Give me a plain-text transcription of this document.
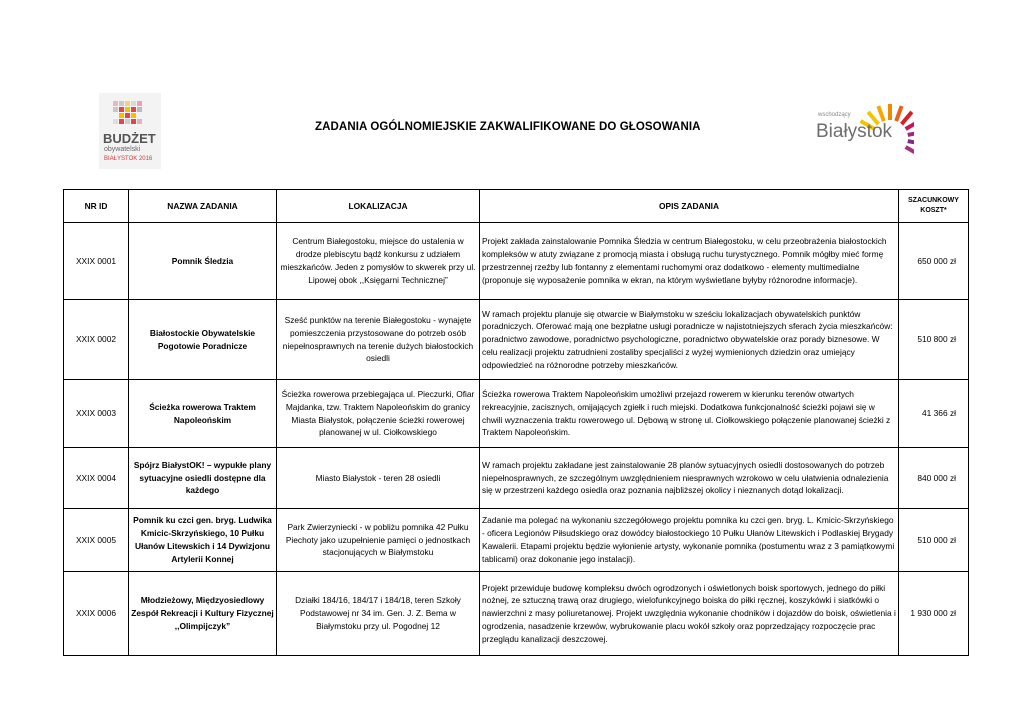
BUDŻET
obywatelski
BIAŁYSTOK 2016
ZADANIA OGÓLNOMIEJSKIE ZAKWALIFIKOWANE DO GŁOSOWANIA
wschodzący
Białystok
NR ID	NAZWA ZADANIA	LOKALIZACJA	OPIS ZADANIA	SZACUNKOWY KOSZT*
XXIX 0001	Pomnik Śledzia	Centrum Białegostoku, miejsce do ustalenia w drodze plebiscytu bądź konkursu z udziałem mieszkańców. Jeden z pomysłów to skwerek przy ul. Lipowej obok ,,Księgarni Technicznej”	Projekt zakłada zainstalowanie Pomnika Śledzia w centrum Białegostoku, w celu przeobrażenia białostockich kompleksów w atuty związane z promocją miasta i obsługą ruchu turystycznego. Pomnik mógłby mieć formę przestrzennej rzeźby lub fontanny z elementami ruchomymi oraz dodatkowo - elementy multimedialne (proponuje się wyposażenie pomnika w ekran, na którym wyświetlane byłyby różnorodne informacje).	650 000 zł
XXIX 0002	Białostockie Obywatelskie Pogotowie Poradnicze	Sześć punktów na terenie Białegostoku - wynajęte pomieszczenia przystosowane do potrzeb osób niepełnosprawnych na terenie dużych białostockich osiedli	W ramach projektu planuje się otwarcie w Białymstoku w sześciu lokalizacjach obywatelskich punktów poradniczych. Oferować mają one bezpłatne usługi poradnicze w najistotniejszych sferach życia mieszkańców: poradnictwo zawodowe, poradnictwo psychologiczne, poradnictwo obywatelskie oraz porady biznesowe. W celu realizacji projektu zatrudnieni zostaliby specjaliści z wyżej wymienionych dziedzin oraz umiejący odpowiedzieć na różnorodne potrzeby mieszkańców.	510 800 zł
XXIX 0003	Ścieżka rowerowa Traktem Napoleońskim	Ścieżka rowerowa przebiegająca ul. Pieczurki, Ofiar Majdanka, tzw. Traktem Napoleońskim do granicy Miasta Białystok, połączenie ścieżki rowerowej planowanej w ul. Ciołkowskiego	Ścieżka rowerowa Traktem Napoleońskim umożliwi przejazd rowerem w kierunku terenów otwartych rekreacyjnie, zacisznych, omijających zgiełk i ruch miejski. Dodatkowa funkcjonalność ścieżki pojawi się w chwili wyznaczenia traktu rowerowego ul. Dębową w stronę ul. Ciołkowskiego połączenie planowanej ścieżki z Traktem Napoleońskim.	41 366 zł
XXIX 0004	Spójrz BiałystOK! – wypukłe plany sytuacyjne osiedli dostępne dla każdego	Miasto Białystok - teren 28 osiedli	W ramach projektu zakładane jest zainstalowanie 28 planów sytuacyjnych osiedli dostosowanych do potrzeb niepełnosprawnych, ze szczególnym uwzględnieniem niesprawnych wzrokowo w celu ułatwienia odnalezienia się w przestrzeni każdego osiedla oraz poznania najbliższej okolicy i nieznanych dotąd lokalizacji.	840 000 zł
XXIX 0005	Pomnik ku czci gen. bryg. Ludwika Kmicic-Skrzyńskiego, 10 Pułku Ułanów Litewskich i 14 Dywizjonu Artylerii Konnej	Park Zwierzyniecki - w pobliżu pomnika 42 Pułku Piechoty jako uzupełnienie pamięci o jednostkach stacjonujących w Białymstoku	Zadanie ma polegać na wykonaniu szczegółowego projektu pomnika ku czci gen. bryg. L. Kmicic-Skrzyńskiego - oficera Legionów Piłsudskiego oraz dowódcy białostockiego 10 Pułku Ułanów Litewskich i Podlaskiej Brygady Kawalerii. Etapami projektu będzie wyłonienie artysty, wykonanie pomnika (postumentu wraz z 3 pamiątkowymi tablicami) oraz dokonanie jego instalacji).	510 000 zł
XXIX 0006	Młodzieżowy, Międzyosiedlowy Zespół Rekreacji i Kultury Fizycznej ,,Olimpijczyk”	Działki 184/16, 184/17 i 184/18, teren Szkoły Podstawowej nr 34 im. Gen. J. Z. Bema w Białymstoku przy ul. Pogodnej 12	Projekt przewiduje budowę kompleksu dwóch ogrodzonych i oświetlonych boisk sportowych, jednego do piłki nożnej, ze sztuczną trawą oraz drugiego, wielofunkcyjnego boiska do piłki ręcznej, koszykówki i siatkówki o nawierzchni z masy poliuretanowej. Projekt uwzględnia wykonanie chodników i dojazdów do boisk, oświetlenia i ogrodzenia, nasadzenie krzewów, wybrukowanie placu wokół szkoły oraz poprzedzający rozpoczęcie prac przeglądu kanalizacji deszczowej.	1 930 000 zł
